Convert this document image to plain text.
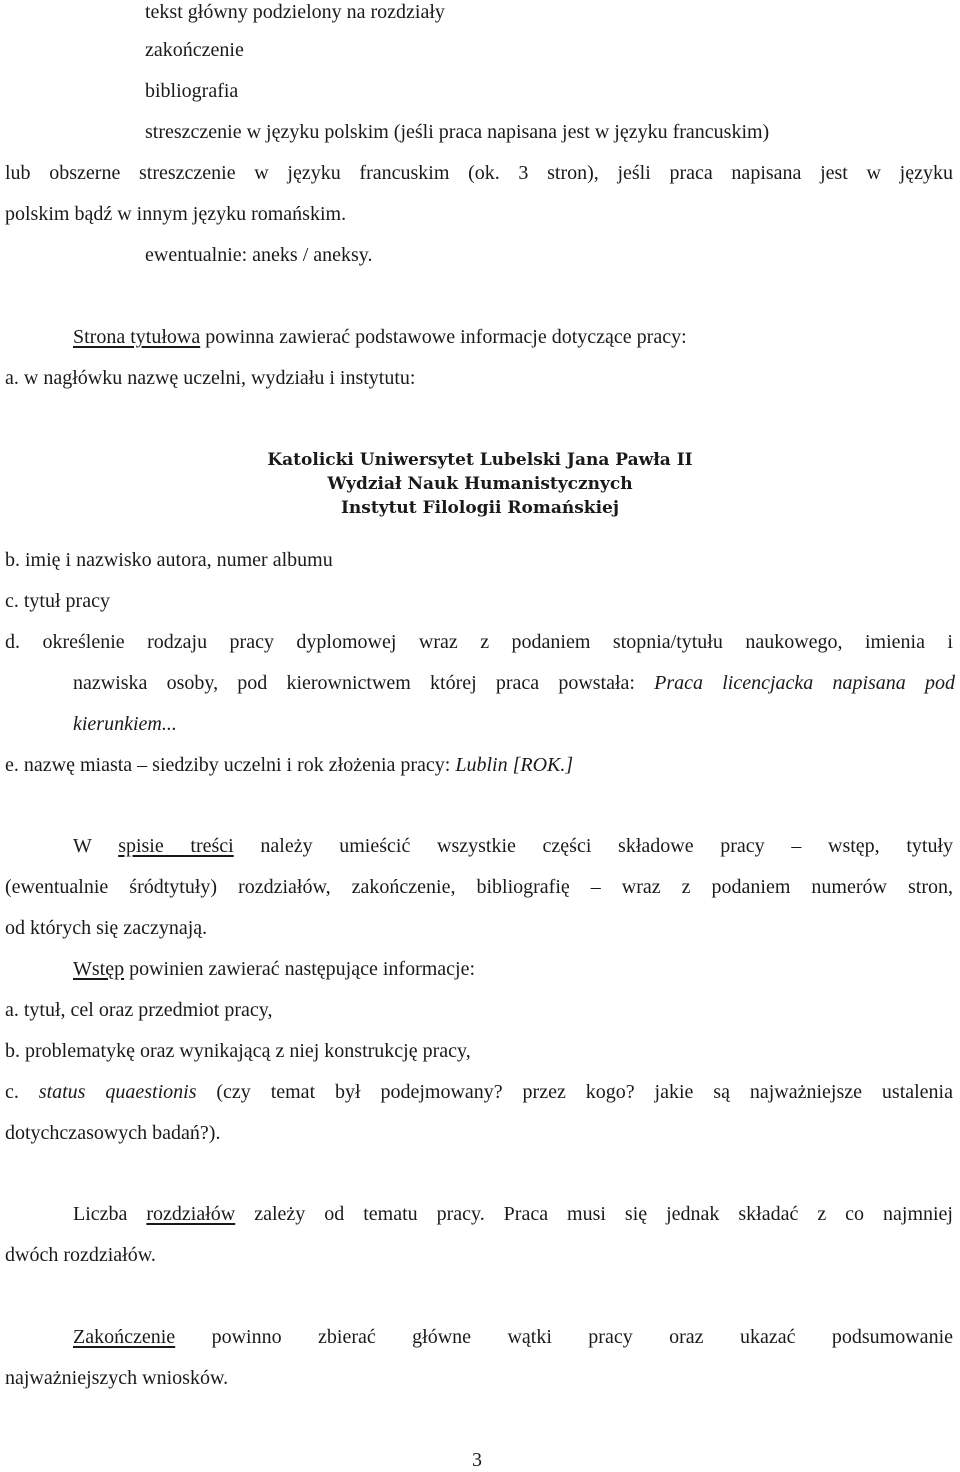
tekst główny podzielony na rozdziały
zakończenie
bibliografia
streszczenie w języku polskim (jeśli praca napisana jest w języku francuskim)
lub obszerne streszczenie w języku francuskim (ok. 3 stron), jeśli praca napisana jest w języku
polskim bądź w innym języku romańskim.
ewentualnie: aneks / aneksy.
Strona tytułowa powinna zawierać podstawowe informacje dotyczące pracy:
a. w nagłówku nazwę uczelni, wydziału i instytutu:
Katolicki Uniwersytet Lubelski Jana Pawła II
Wydział Nauk Humanistycznych
Instytut Filologii Romańskiej
b. imię i nazwisko autora, numer albumu
c. tytuł pracy
d. określenie rodzaju pracy dyplomowej wraz z podaniem stopnia/tytułu naukowego, imienia i
nazwiska osoby, pod kierownictwem której praca powstała: Praca licencjacka napisana pod
kierunkiem...
e. nazwę miasta – siedziby uczelni i rok złożenia pracy: Lublin [ROK.]
W spisie treści należy umieścić wszystkie części składowe pracy – wstęp, tytuły
(ewentualnie śródtytuły) rozdziałów, zakończenie, bibliografię – wraz z podaniem numerów stron,
od których się zaczynają.
Wstęp powinien zawierać następujące informacje:
a. tytuł, cel oraz przedmiot pracy,
b. problematykę oraz wynikającą z niej konstrukcję pracy,
c. status quaestionis (czy temat był podejmowany? przez kogo? jakie są najważniejsze ustalenia
dotychczasowych badań?).
Liczba rozdziałów zależy od tematu pracy. Praca musi się jednak składać z co najmniej
dwóch rozdziałów.
Zakończenie powinno zbierać główne wątki pracy oraz ukazać podsumowanie
najważniejszych wniosków.
3
